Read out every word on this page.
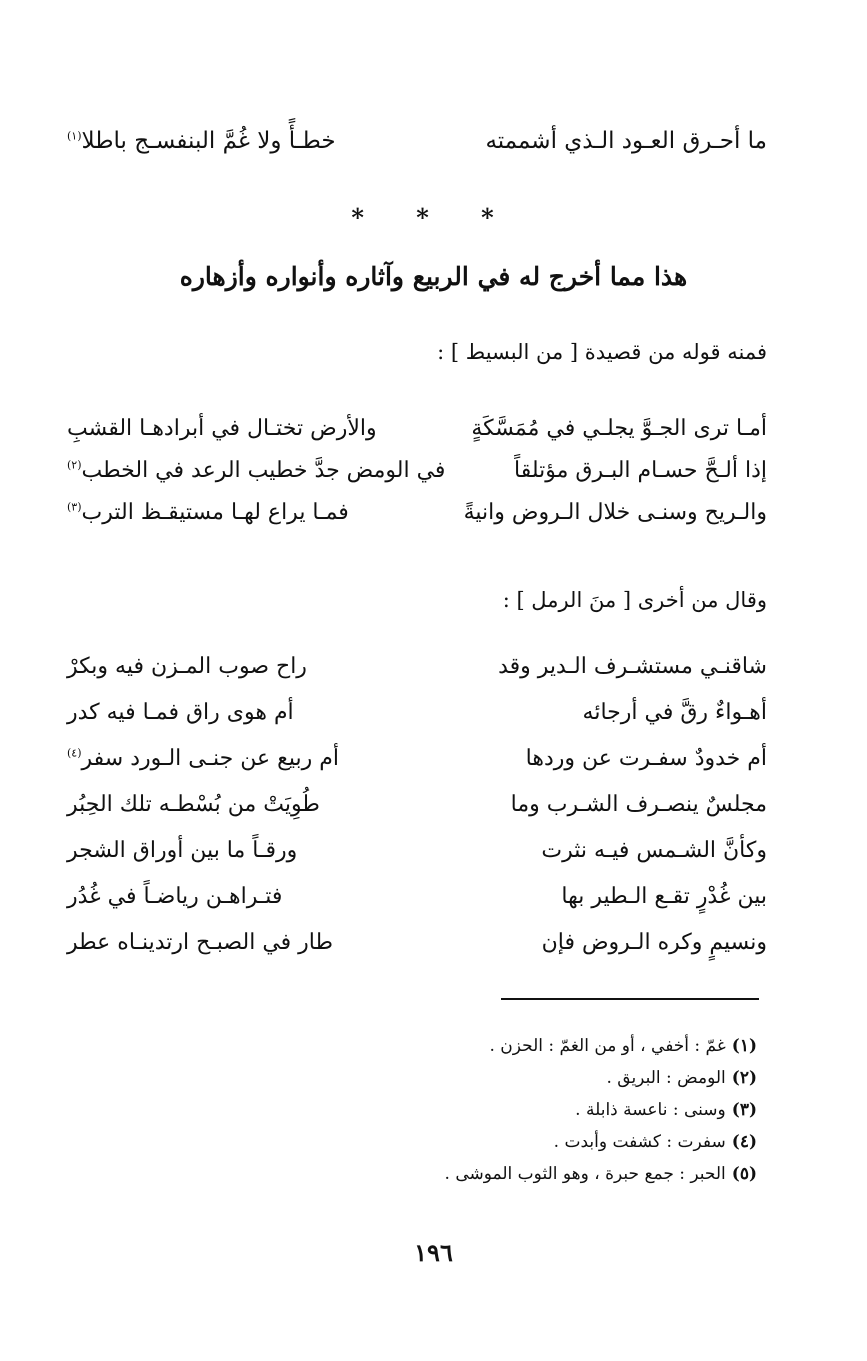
ما أحـرق العـود الـذي أشممته
خطـأً ولا غُمَّ البنفسـج باطلا$^{(١)}$
* * *
هذا مما أخرج له في الربيع وآثاره وأنواره وأزهاره
فمنه قوله من قصيدة [ من البسيط ] :
أمـا ترى الجـوَّ يجلـي في مُمَسَّكَةٍ
والأرض تختـال في أبرادهـا القشبِ
إذا ألـحَّ حسـام البـرق مؤتلقاً
في الومض جدَّ خطيب الرعد في الخطب$^{(٢)}$
والـريح وسنـى خلال الـروض وانيةً
فمـا يراع لهـا مستيقـظ الترب$^{(٣)}$
وقال من أخرى [ منَ الرمل ] :
شاقنـي مستشـرف الـدير وقد
راح صوب المـزن فيه وبكرْ
أهـواءٌ رقَّ في أرجائه
أم هوى راق فمـا فيه كدر
أم خدودٌ سفـرت عن وردها
أم ربيع عن جنـى الـورد سفر$^{(٤)}$
مجلسٌ ينصـرف الشـرب وما
طُوِيَتْ من بُسْطـه تلك الحِبُر
وكأنَّ الشـمس فيـه نثرت
ورقـاً ما بين أوراق الشجر
بين غُدْرٍ تقـع الـطير بها
فتـراهـن رياضـاً في غُدُر
ونسيمٍ وكره الـروض فإن
طار في الصبـح ارتدينـاه عطر
(١)غمّ : أخفي ، أو من الغمّ : الحزن .
(٢)الومض : البريق .
(٣)وسنى : ناعسة ذابلة .
(٤)سفرت : كشفت وأبدت .
(٥)الحبر : جمع حبرة ، وهو الثوب الموشى .
١٩٦
